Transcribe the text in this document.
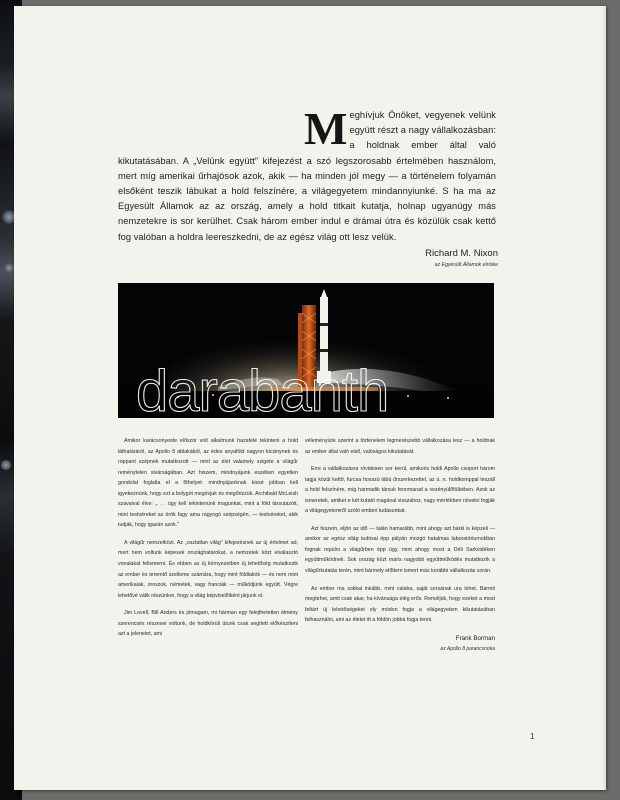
M eghívjuk Önöket, vegyenek velünk együtt részt a nagy vállalkozásban: a holdnak ember által való kikutatásában. A „Velünk együtt” kifejezést a szó legszorosabb értelmében használom, mert míg amerikai űrhajósok azok, akik — ha minden jól megy — a történelem folyamán elsőként teszik lábukat a hold felszínére, a világegyetem mindannyiunké. S ha ma az Egyesült Államok az az ország, amely a hold titkait kutatja, holnap ugyanúgy más nemzetekre is sor kerülhet. Csak három ember indul e drámai útra és közülük csak kettő fog valóban a holdra leereszkedni, de az egész világ ott lesz velük.
Richard M. Nixon
az Egyesült Államok elnöke
darabanth

Amikor karácsonyeste először volt alkalmunk hazafelé tekinteni a hold láthatáráról, az Apollo 8 ablakából, az édes anyaföld nagyon kicsinynek és roppant szépnek mutatkozott — mint az élet valamely szigete a világűr reménytelen sivárságában. Azt hiszem, mindnyájunk eszében egyetlen gondolat foglalta el a főhelyet: mindnyájunknak kissé jobban kell igyekeznünk, hogy ezt a bolygót megóvjuk és megőrizzük. Archibald McLeish szavaival élve: „. . . úgy kell tekintenünk magunkat, mint a föld társutazóit, mint testvéreket az örök fagy ama ragyogó szépségén, — testvéreket, akik tudják, hogy igazán azok.”

A világűr nemzetközi. Az „osztatlan világ” kifejezésnek az új értelmet ad, mert nem voltunk képesek országhatárokat, a nemzetek közt elválasztó vonalakat felismerni. És ebben az új környezetben új lehetőség mutatkozik az ember és teremtő szelleme számára, hogy mint földlakók — és nem mint amerikaiak, oroszok, németek, vagy franciák — működjünk együtt. Végre lehetővé válik részünkre, hogy a világ képviselőiként járjunk el.

Jim Lovell, Bill Anders és jómagam, mi hárman egy felejthetetlen élmény szerencsés részesei voltunk, de holdkörüli útunk csak segített előkészíteni azt a jelenetet, ami

véleményünk szerint a történelem legmerészebb vállalkozása lesz — a holdnak az ember által való első, valóságos kikutatását.

Erre a vállalkozásra rövidesen sor kerül, amikoris holdi Apollo csoport három tagja közül kettő, furcsa hosszú lábú űrszerkezettel, az ú. n. holdkomppal leszáll a hold felszínére, míg harmadik társuk fennmarad a vezényülőfülkében. Azok az ismeretek, amiket e két kutató magával visszahoz, nagy mértékben növelni fogják a világegyetemről szóló emberi tudásunkat.

Azt hiszem, eljön az idő — talán hamarább, mint ahogy azt bárki is képzeli — amikor az egész világ tudósai épp pályán mozgó hatalmas laboratóriumokban fognak repülni a világűrben épp úgy, mint ahogy most a Déli Sarkvidéken együttműködnek. Sok ország közt máris nagyobb együttműködés mutatkozik a világűrkutatás terén, mint bármely előttem ismert más korábbi vállalkozás során.

Az ember ma sokkal inkább, mint valaha, saját sorsának ura lehet. Bármit megtehet, amit csak akar, ha kívánsága elég erős. Reméljük, hogy ezeket a most feltárt új lehetőségeket oly módon fogja a világegyetem kikutatásában felhasználni, ami az életet itt a földön jobbá fogja tenni.

Frank Borman
az Apollo 8 parancsnoka
1
